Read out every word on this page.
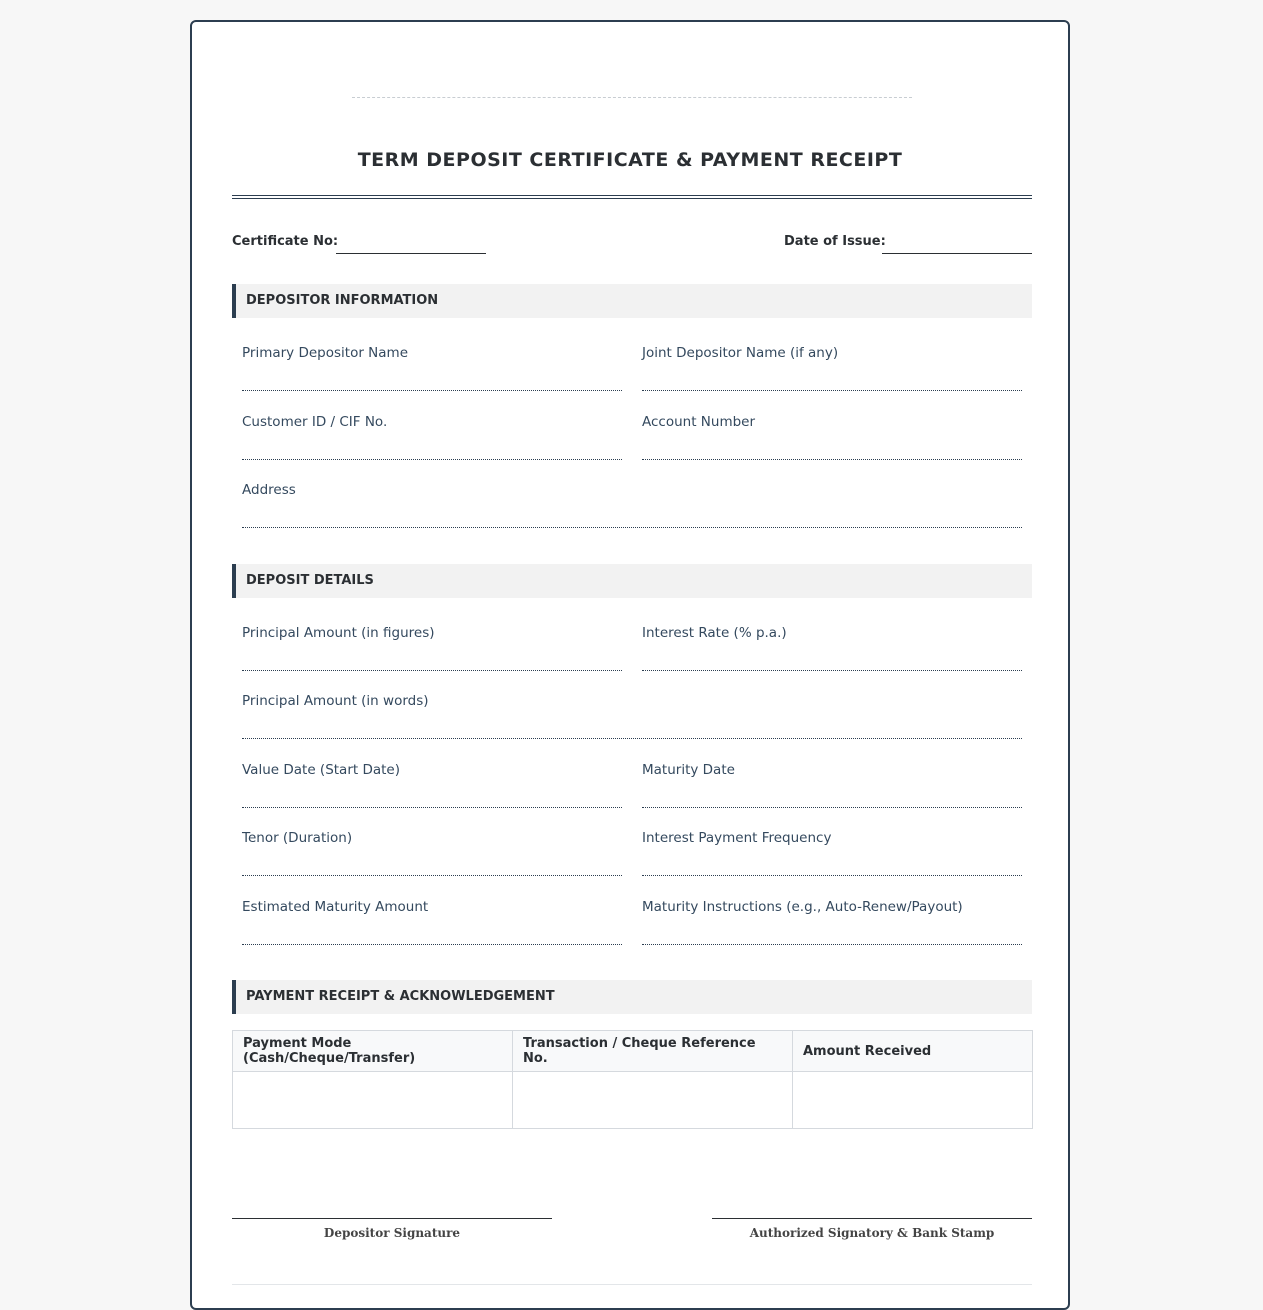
TERM DEPOSIT CERTIFICATE & PAYMENT RECEIPT
Certificate No:	Date of Issue:
DEPOSITOR INFORMATION
Primary Depositor Name	Joint Depositor Name (if any)
Customer ID / CIF No.	Account Number
Address
DEPOSIT DETAILS
Principal Amount (in figures)	Interest Rate (% p.a.)
Principal Amount (in words)
Value Date (Start Date)	Maturity Date
Tenor (Duration)	Interest Payment Frequency
Estimated Maturity Amount	Maturity Instructions (e.g., Auto-Renew/Payout)
PAYMENT RECEIPT & ACKNOWLEDGEMENT
Payment Mode (Cash/Cheque/Transfer)	Transaction / Cheque Reference No.	Amount Received

Depositor Signature	Authorized Signatory & Bank Stamp
